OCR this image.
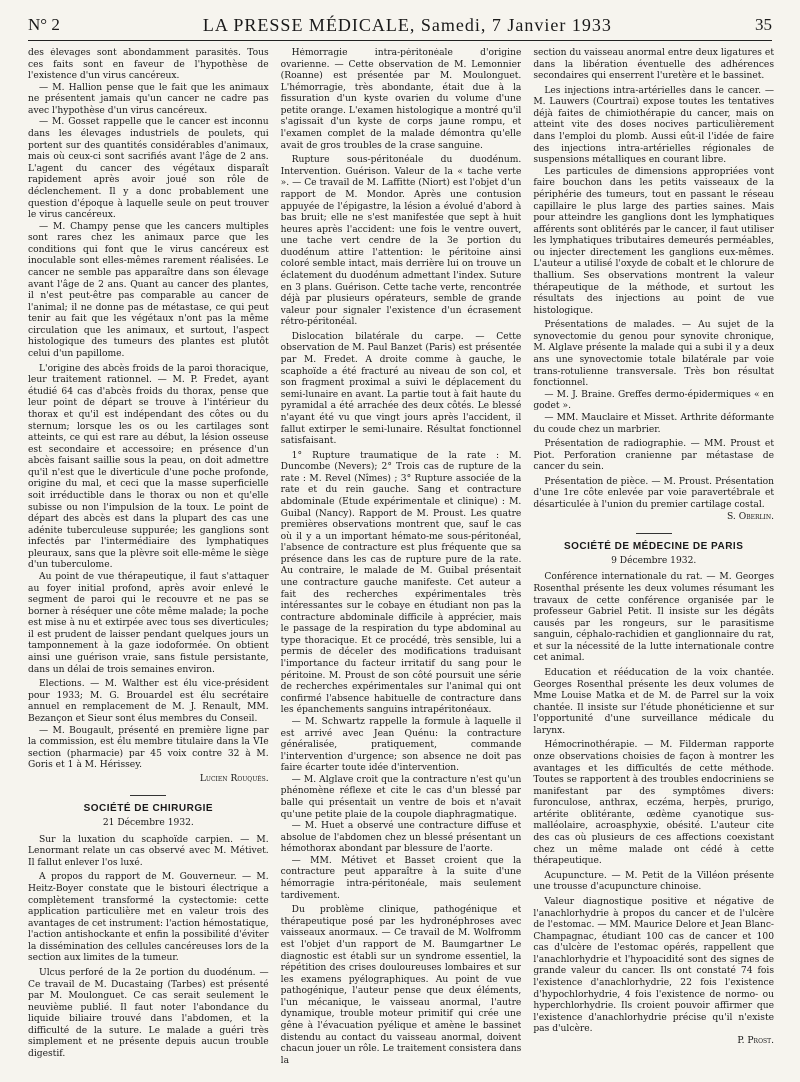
N° 2	LA PRESSE MÉDICALE, Samedi, 7 Janvier 1933	35

des élevages sont abondamment parasités. Tous ces faits sont en faveur de l'hypothèse de l'existence d'un virus cancéreux.

— M. Hallion pense que le fait que les animaux ne présentent jamais qu'un cancer ne cadre pas avec l'hypothèse d'un virus cancéreux.

— M. Gosset rappelle que le cancer est inconnu dans les élevages industriels de poulets, qui portent sur des quantités considérables d'animaux, mais où ceux-ci sont sacrifiés avant l'âge de 2 ans. L'agent du cancer des végétaux disparaît rapidement après avoir joué son rôle de déclenchement. Il y a donc probablement une question d'époque à laquelle seule on peut trouver le virus cancéreux.

— M. Champy pense que les cancers multiples sont rares chez les animaux parce que les conditions qui font que le virus cancéreux est inoculable sont elles-mêmes rarement réalisées. Le cancer ne semble pas apparaître dans son élevage avant l'âge de 2 ans. Quant au cancer des plantes, il n'est peut-être pas comparable au cancer de l'animal; il ne donne pas de métastase, ce qui peut tenir au fait que les végétaux n'ont pas la même circulation que les animaux, et surtout, l'aspect histologique des tumeurs des plantes est plutôt celui d'un papillome.

L'origine des abcès froids de la paroi thoracique, leur traitement rationnel. — M. P. Fredet, ayant étudié 64 cas d'abcès froids du thorax, pense que leur point de départ se trouve à l'intérieur du thorax et qu'il est indépendant des côtes ou du sternum; lorsque les os ou les cartilages sont atteints, ce qui est rare au début, la lésion osseuse est secondaire et accessoire; en présence d'un abcès faisant saillie sous la peau, on doit admettre qu'il n'est que le diverticule d'une poche profonde, origine du mal, et ceci que la masse superficielle soit irréductible dans le thorax ou non et qu'elle subisse ou non l'impulsion de la toux. Le point de départ des abcès est dans la plupart des cas une adénite tuberculeuse suppurée; les ganglions sont infectés par l'intermédiaire des lymphatiques pleuraux, sans que la plèvre soit elle-même le siège d'un tuberculome.

Au point de vue thérapeutique, il faut s'attaquer au foyer initial profond, après avoir enlevé le segment de paroi qui le recouvre et ne pas se borner à réséquer une côte même malade; la poche est mise à nu et extirpée avec tous ses diverticules; il est prudent de laisser pendant quelques jours un tamponnement à la gaze iodoformée. On obtient ainsi une guérison vraie, sans fistule persistante, dans un délai de trois semaines environ.

Elections. — M. Walther est élu vice-président pour 1933; M. G. Brouardel est élu secrétaire annuel en remplacement de M. J. Renault, MM. Bezançon et Sieur sont élus membres du Conseil.

— M. Bougault, présenté en première ligne par la commission, est élu membre titulaire dans la VIe section (pharmacie) par 45 voix contre 32 à M. Goris et 1 à M. Hérissey.

Lucien Rouquès.

SOCIÉTÉ DE CHIRURGIE

21 Décembre 1932.

Sur la luxation du scaphoïde carpien. — M. Lenormant relate un cas observé avec M. Métivet. Il fallut enlever l'os luxé.

A propos du rapport de M. Gouverneur. — M. Heitz-Boyer constate que le bistouri électrique a complètement transformé la cystectomie: cette application particulière met en valeur trois des avantages de cet instrument: l'action hémostatique, l'action antishockante et enfin la possibilité d'éviter la dissémination des cellules cancéreuses lors de la section aux limites de la tumeur.

Ulcus perforé de la 2e portion du duodénum. — Ce travail de M. Ducastaing (Tarbes) est présenté par M. Moulonguet. Ce cas serait seulement le neuvième publié. Il faut noter l'abondance du liquide biliaire trouvé dans l'abdomen, et la difficulté de la suture. Le malade a guéri très simplement et ne présente depuis aucun trouble digestif.

Hémorragie intra-péritonéale d'origine ovarienne. — Cette observation de M. Lemonnier (Roanne) est présentée par M. Moulonguet. L'hémorragie, très abondante, était due à la fissuration d'un kyste ovarien du volume d'une petite orange. L'examen histologique a montré qu'il s'agissait d'un kyste de corps jaune rompu, et l'examen complet de la malade démontra qu'elle avait de gros troubles de la crase sanguine.

Rupture sous-péritonéale du duodénum. Intervention. Guérison. Valeur de la « tache verte ». — Ce travail de M. Laffitte (Niort) est l'objet d'un rapport de M. Mondor. Après une contusion appuyée de l'épigastre, la lésion a évolué d'abord à bas bruit; elle ne s'est manifestée que sept à huit heures après l'accident: une fois le ventre ouvert, une tache vert cendre de la 3e portion du duodénum attire l'attention: le péritoine ainsi coloré semble intact, mais derrière lui on trouve un éclatement du duodénum admettant l'index. Suture en 3 plans. Guérison. Cette tache verte, rencontrée déjà par plusieurs opérateurs, semble de grande valeur pour signaler l'existence d'un écrasement rétro-péritonéal.

Dislocation bilatérale du carpe. — Cette observation de M. Paul Banzet (Paris) est présentée par M. Fredet. A droite comme à gauche, le scaphoïde a été fracturé au niveau de son col, et son fragment proximal a suivi le déplacement du semi-lunaire en avant. La partie tout à fait haute du pyramidal a été arrachée des deux côtés. Le blessé n'ayant été vu que vingt jours après l'accident, il fallut extirper le semi-lunaire. Résultat fonctionnel satisfaisant.

1° Rupture traumatique de la rate : M. Duncombe (Nevers); 2° Trois cas de rupture de la rate : M. Revel (Nîmes) ; 3° Rupture associée de la rate et du rein gauche. Sang et contracture abdominale (Etude expérimentale et clinique) : M. Guibal (Nancy). Rapport de M. Proust. Les quatre premières observations montrent que, sauf le cas où il y a un important hémato-me sous-péritonéal, l'absence de contracture est plus fréquente que sa présence dans les cas de rupture pure de la rate. Au contraire, le malade de M. Guibal présentait une contracture gauche manifeste. Cet auteur a fait des recherches expérimentales très intéressantes sur le cobaye en étudiant non pas la contracture abdominale difficile à apprécier, mais le passage de la respiration du type abdominal au type thoracique. Et ce procédé, très sensible, lui a permis de déceler des modifications traduisant l'importance du facteur irritatif du sang pour le péritoine. M. Proust de son côté poursuit une série de recherches expérimentales sur l'animal qui ont confirmé l'absence habituelle de contracture dans les épanchements sanguins intrapéritonéaux.

— M. Schwartz rappelle la formule à laquelle il est arrivé avec Jean Quénu: la contracture généralisée, pratiquement, commande l'intervention d'urgence; son absence ne doit pas faire écarter toute idée d'intervention.

— M. Alglave croit que la contracture n'est qu'un phénomène réflexe et cite le cas d'un blessé par balle qui présentait un ventre de bois et n'avait qu'une petite plaie de la coupole diaphragmatique.

— M. Huet a observé une contracture diffuse et absolue de l'abdomen chez un blessé présentant un hémothorax abondant par blessure de l'aorte.

— MM. Métivet et Basset croient que la contracture peut apparaître à la suite d'une hémorragie intra-péritonéale, mais seulement tardivement.

Du problème clinique, pathogénique et thérapeutique posé par les hydronéphroses avec vaisseaux anormaux. — Ce travail de M. Wolfromm est l'objet d'un rapport de M. Baumgartner Le diagnostic est établi sur un syndrome essentiel, la répétition des crises douloureuses lombaires et sur les examens pyélographiques. Au point de vue pathogénique, l'auteur pense que deux éléments, l'un mécanique, le vaisseau anormal, l'autre dynamique, trouble moteur primitif qui crée une gêne à l'évacuation pyélique et amène le bassinet distendu au contact du vaisseau anormal, doivent chacun jouer un rôle. Le traitement consistera dans la

section du vaisseau anormal entre deux ligatures et dans la libération éventuelle des adhérences secondaires qui enserrent l'uretère et le bassinet.

Les injections intra-artérielles dans le cancer. — M. Lauwers (Courtrai) expose toutes les tentatives déjà faites de chimiothérapie du cancer, mais on atteint vite des doses nocives particulièrement dans l'emploi du plomb. Aussi eût-il l'idée de faire des injections intra-artérielles régionales de suspensions métalliques en courant libre.

Les particules de dimensions appropriées vont faire bouchon dans les petits vaisseaux de la périphérie des tumeurs, tout en passant le réseau capillaire le plus large des parties saines. Mais pour atteindre les ganglions dont les lymphatiques afférents sont oblitérés par le cancer, il faut utiliser les lymphatiques tributaires demeurés perméables, ou injecter directement les ganglions eux-mêmes. L'auteur a utilisé l'oxyde de cobalt et le chlorure de thallium. Ses observations montrent la valeur thérapeutique de la méthode, et surtout les résultats des injections au point de vue histologique.

Présentations de malades. — Au sujet de la synovectomie du genou pour synovite chronique, M. Alglave présente la malade qui a subi il y a deux ans une synovectomie totale bilatérale par voie trans-rotulienne transversale. Très bon résultat fonctionnel.

— M. J. Braine. Greffes dermo-épidermiques « en godet ».

— MM. Mauclaire et Misset. Arthrite déformante du coude chez un marbrier.

Présentation de radiographie. — MM. Proust et Piot. Perforation cranienne par métastase de cancer du sein.

Présentation de pièce. — M. Proust. Présentation d'une 1re côte enlevée par voie paravertébrale et désarticulée à l'union du premier cartilage costal.

S. Oberlin.

SOCIÉTÉ DE MÉDECINE DE PARIS

9 Décembre 1932.

Conférence internationale du rat. — M. Georges Rosenthal présente les deux volumes résumant les travaux de cette conférence organisée par le professeur Gabriel Petit. Il insiste sur les dégâts causés par les rongeurs, sur le parasitisme sanguin, céphalo-rachidien et ganglionnaire du rat, et sur la nécessité de la lutte internationale contre cet animal.

Education et rééducation de la voix chantée. Georges Rosenthal présente les deux volumes de Mme Louise Matka et de M. de Parrel sur la voix chantée. Il insiste sur l'étude phonéticienne et sur l'opportunité d'une surveillance médicale du larynx.

Hémocrinothérapie. — M. Filderman rapporte onze observations choisies de façon à montrer les avantages et les difficultés de cette méthode. Toutes se rapportent à des troubles endocriniens se manifestant par des symptômes divers: furonculose, anthrax, eczéma, herpès, prurigo, artérite oblitérante, œdème cyanotique sus-malléolaire, acroasphyxie, obésité. L'auteur cite des cas où plusieurs de ces affections coexistant chez un même malade ont cédé à cette thérapeutique.

Acupuncture. — M. Petit de la Villéon présente une trousse d'acupuncture chinoise.

Valeur diagnostique positive et négative de l'anachlorhydrie à propos du cancer et de l'ulcère de l'estomac. — MM. Maurice Delore et Jean Blanc-Champagnac, étudiant 100 cas de cancer et 100 cas d'ulcère de l'estomac opérés, rappellent que l'anachlorhydrie et l'hypoacidité sont des signes de grande valeur du cancer. Ils ont constaté 74 fois l'existence d'anachlorhydrie, 22 fois l'existence d'hypochlorhydrie, 4 fois l'existence de normo- ou hyperchlorhydrie. Ils croient pouvoir affirmer que l'existence d'anachlorhydrie précise qu'il n'existe pas d'ulcère.

P. Prost.
